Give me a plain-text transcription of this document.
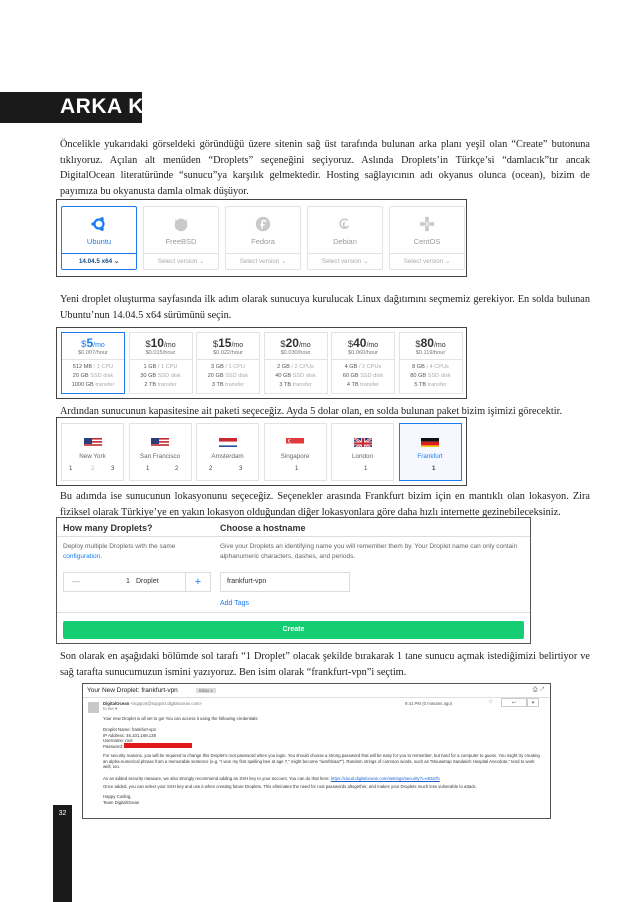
ARKA KAPI
Öncelikle yukarıdaki görseldeki göründüğü üzere sitenin sağ üst tarafında bulunan arka planı yeşil olan “Create” butonuna tıklıyoruz. Açılan alt menüden “Droplets” seçeneğini seçiyoruz. Aslında Droplets’in Türkçe’si “damlacık”tır ancak DigitalOcean literatüründe “sunucu”ya karşılık gelmektedir. Hosting sağlayıcının adı okyanus olunca (ocean), bizim de payımıza bu okyanusta damla olmak düşüyor.
Ubuntu
14.04.5 x64 ⌄
FreeBSD
Select version ⌄
Fedora
Select version ⌄
Debian
Select version ⌄
CentOS
Select version ⌄
Yeni droplet oluşturma sayfasında ilk adım olarak sunucuya kurulucak Linux dağıtımını seçmemiz gerekiyor. En solda bulunan Ubuntu’nun 14.04.5 x64 sürümünü seçin.
$5/mo
$0.007/hour
512 MB / 1 CPU
20 GB SSD disk
1000 GB transfer
$10/mo
$0.015/hour
1 GB / 1 CPU
30 GB SSD disk
2 TB transfer
$15/mo
$0.022/hour
3 GB / 1 CPU
20 GB SSD disk
3 TB transfer
$20/mo
$0.030/hour
2 GB / 2 CPUs
40 GB SSD disk
3 TB transfer
$40/mo
$0.060/hour
4 GB / 2 CPUs
60 GB SSD disk
4 TB transfer
$80/mo
$0.119/hour
8 GB / 4 CPUs
80 GB SSD disk
5 TB transfer
Ardından sunucunun kapasitesine ait paketi seçeceğiz. Ayda 5 dolar olan, en solda bulunan paket bizim işimizi görecektir.
New York	San Francisco	Amsterdam	Singapore	London	Frankfurt
1	2	3	1	2	2	3	1	1	1
Bu adımda ise sunucunun lokasyonunu seçeceğiz. Seçenekler arasında Frankfurt bizim için en mantıklı olan lokasyon. Zira fiziksel olarak Türkiye’ye en yakın lokasyon olduğundan diğer lokasyonlara göre daha hızlı internette gezinebileceksiniz.
How many Droplets?	Choose a hostname
Deploy multiple Droplets with the same
configuration.
Give your Droplets an identifying name you will remember them by. Your Droplet name can only contain alphanumeric characters, dashes, and periods.
—	1 Droplet	+	frankfurt-vpn
Add Tags
Create
Son olarak en aşağıdaki bölümde sol tarafı “1 Droplet” olacak şekilde bırakarak 1 tane sunucu açmak istediğimizi belirtiyor ve sağ tarafta sunucumuzun ismini yazıyoruz. Ben isim olarak “frankfurt-vpn”i seçtim.
Your New Droplet: frankfurt-vpn	Inbox x	⎙ ↗
DigitalOcean <support@support.digitalocean.com>
to me ▾
9:41 PM (0 minutes ago)	☆	↩	▾
Your new Droplet is all set to go! You can access it using the following credentials:
Droplet Name: frankfurt-vpn
IP Address: 46.101.169.138
Username: root
Password:
For security reasons, you will be required to change this Droplet’s root password when you login. You should choose a strong password that will be easy for you to remember, but hard for a computer to guess. You might try creating an alpha-numerical phrase from a memorable sentence (e.g. “I won my first spelling bee at age 7,” might become “iwmfsbaa7”). Random strings of common words, such as “Mousetrap Sandwich Hospital Anecdote,” tend to work well, too.
As an added security measure, we also strongly recommend adding an SSH key to your account. You can do that here: https://cloud.digitalocean.com/settings/security?i=e53a7b
Once added, you can select your SSH key and use it when creating future Droplets. This eliminates the need for root passwords altogether, and makes your Droplets much less vulnerable to attack.
Happy Coding,
Team DigitalOcean
32
